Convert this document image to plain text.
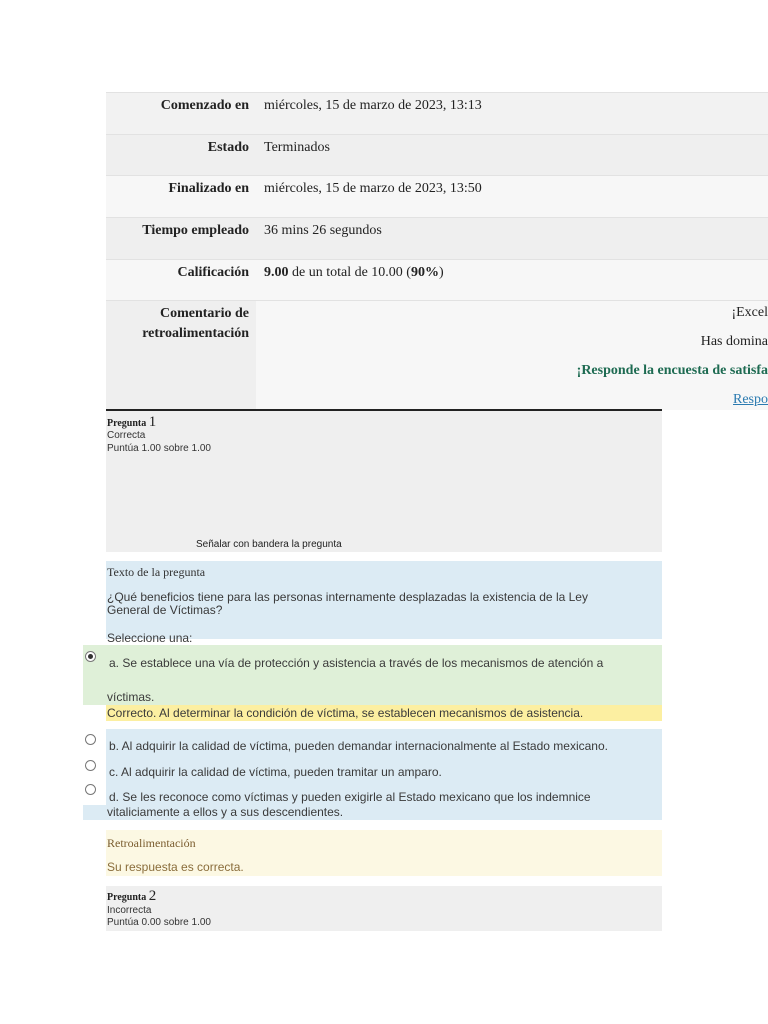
Comenzado en miércoles, 15 de marzo de 2023, 13:13
Estado Terminados
Finalizado en miércoles, 15 de marzo de 2023, 13:50
Tiempo empleado 36 mins 26 segundos
Calificación 9.00 de un total de 10.00 (90%)
Comentario de
retroalimentación
¡Excel
Has domina
¡Responde la encuesta de satisfa
Respo
Pregunta 1
Correcta
Puntúa 1.00 sobre 1.00
Señalar con bandera la pregunta
Texto de la pregunta
¿Qué beneficios tiene para las personas internamente desplazadas la existencia de la Ley
General de Víctimas?
Seleccione una:
a. Se establece una vía de protección y asistencia a través de los mecanismos de atención a
víctimas.
Correcto. Al determinar la condición de víctima, se establecen mecanismos de asistencia.
b. Al adquirir la calidad de víctima, pueden demandar internacionalmente al Estado mexicano.
c. Al adquirir la calidad de víctima, pueden tramitar un amparo.
d. Se les reconoce como víctimas y pueden exigirle al Estado mexicano que los indemnice
vitaliciamente a ellos y a sus descendientes.
Retroalimentación
Su respuesta es correcta.
Pregunta 2
Incorrecta
Puntúa 0.00 sobre 1.00
